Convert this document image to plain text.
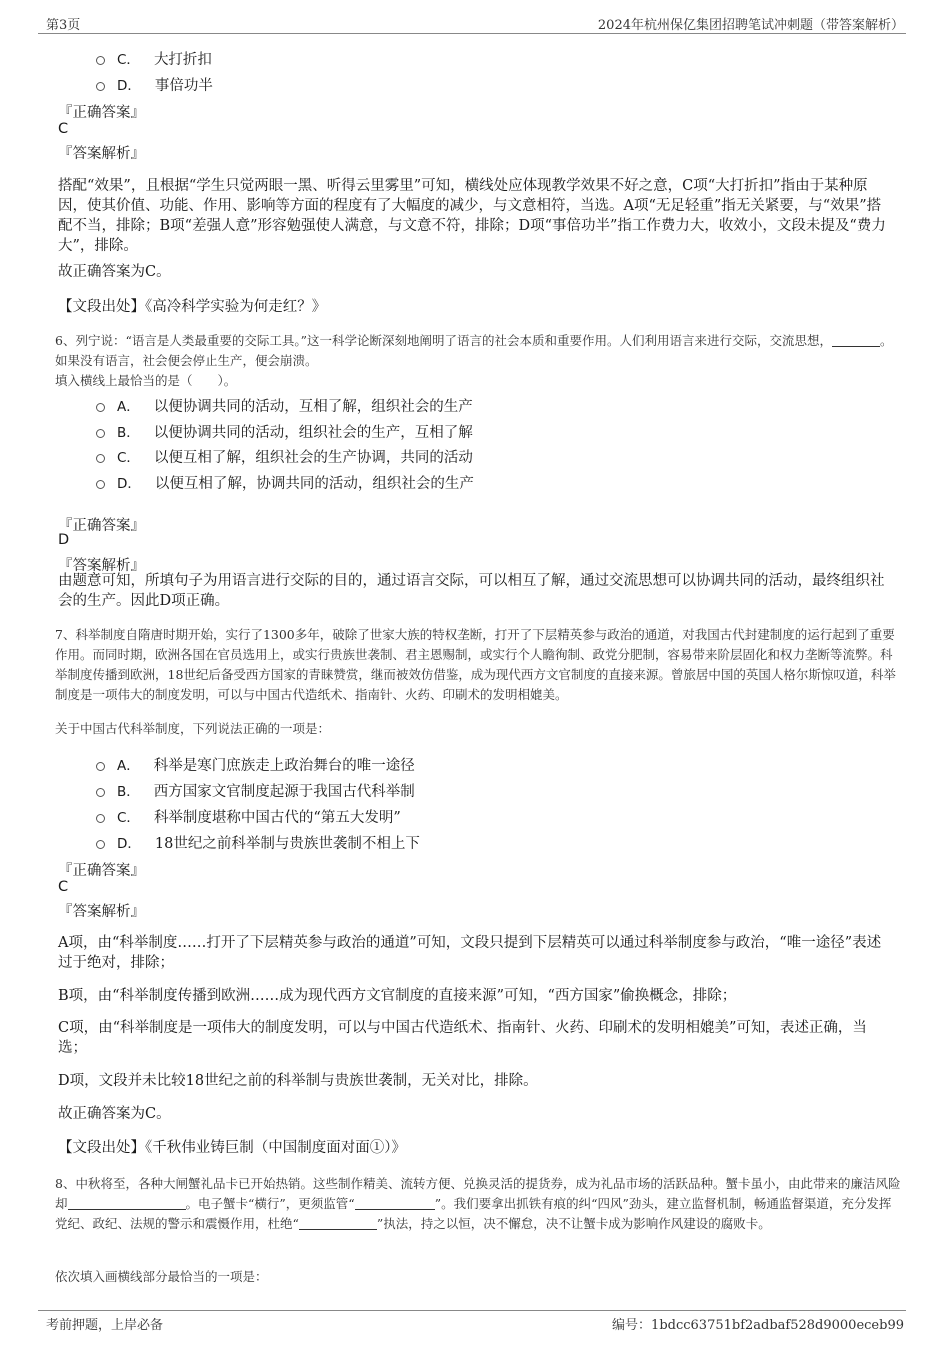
第3页	2024年杭州保亿集团招聘笔试冲刺题（带答案解析）
C． 大打折扣
D． 事倍功半
『正确答案』
C
『答案解析』
搭配“效果”，且根据“学生只觉两眼一黑、听得云里雾里”可知，横线处应体现教学效果不好之意，C项“大打折扣”指由于某种原因，使其价值、功能、作用、影响等方面的程度有了大幅度的减少，与文意相符，当选。A项“无足轻重”指无关紧要，与“效果”搭配不当，排除；B项“差强人意”形容勉强使人满意，与文意不符，排除；D项“事倍功半”指工作费力大，收效小，文段未提及“费力大”，排除。
故正确答案为C。
【文段出处】《高冷科学实验为何走红？》
6、列宁说：“语言是人类最重要的交际工具。”这一科学论断深刻地阐明了语言的社会本质和重要作用。人们利用语言来进行交际，交流思想，	。如果没有语言，社会便会停止生产，便会崩溃。
填入横线上最恰当的是（　　）。
A． 以便协调共同的活动，互相了解，组织社会的生产
B． 以便协调共同的活动，组织社会的生产，互相了解
C． 以便互相了解，组织社会的生产协调，共同的活动
D． 以便互相了解，协调共同的活动，组织社会的生产
『正确答案』
D
『答案解析』
由题意可知，所填句子为用语言进行交际的目的，通过语言交际，可以相互了解，通过交流思想可以协调共同的活动，最终组织社会的生产。因此D项正确。
7、科举制度自隋唐时期开始，实行了1300多年，破除了世家大族的特权垄断，打开了下层精英参与政治的通道，对我国古代封建制度的运行起到了重要作用。而同时期，欧洲各国在官员选用上，或实行贵族世袭制、君主恩赐制，或实行个人瞻徇制、政党分肥制，容易带来阶层固化和权力垄断等流弊。科举制度传播到欧洲，18世纪后备受西方国家的青睐赞赏，继而被效仿借鉴，成为现代西方文官制度的直接来源。曾旅居中国的英国人格尔斯惊叹道，科举制度是一项伟大的制度发明，可以与中国古代造纸术、指南针、火药、印刷术的发明相媲美。
关于中国古代科举制度，下列说法正确的一项是：
A． 科举是寒门庶族走上政治舞台的唯一途径
B． 西方国家文官制度起源于我国古代科举制
C． 科举制度堪称中国古代的“第五大发明”
D． 18世纪之前科举制与贵族世袭制不相上下
『正确答案』
C
『答案解析』
A项，由“科举制度……打开了下层精英参与政治的通道”可知，文段只提到下层精英可以通过科举制度参与政治，“唯一途径”表述过于绝对，排除；
B项，由“科举制度传播到欧洲……成为现代西方文官制度的直接来源”可知，“西方国家”偷换概念，排除；
C项，由“科举制度是一项伟大的制度发明，可以与中国古代造纸术、指南针、火药、印刷术的发明相媲美”可知，表述正确，当选；
D项，文段并未比较18世纪之前的科举制与贵族世袭制，无关对比，排除。
故正确答案为C。
【文段出处】《千秋伟业铸巨制（中国制度面对面①）》
8、中秋将至，各种大闸蟹礼品卡已开始热销。这些制作精美、流转方便、兑换灵活的提货券，成为礼品市场的活跃品种。蟹卡虽小，由此带来的廉洁风险却	。电子蟹卡“横行”，更须监管“	”。我们要拿出抓铁有痕的纠“四风”劲头，建立监督机制，畅通监督渠道，充分发挥党纪、政纪、法规的警示和震慑作用，杜绝“	”执法，持之以恒，决不懈怠，决不让蟹卡成为影响作风建设的腐败卡。
依次填入画横线部分最恰当的一项是：
考前押题，上岸必备	编号：1bdcc63751bf2adbaf528d9000eceb99
